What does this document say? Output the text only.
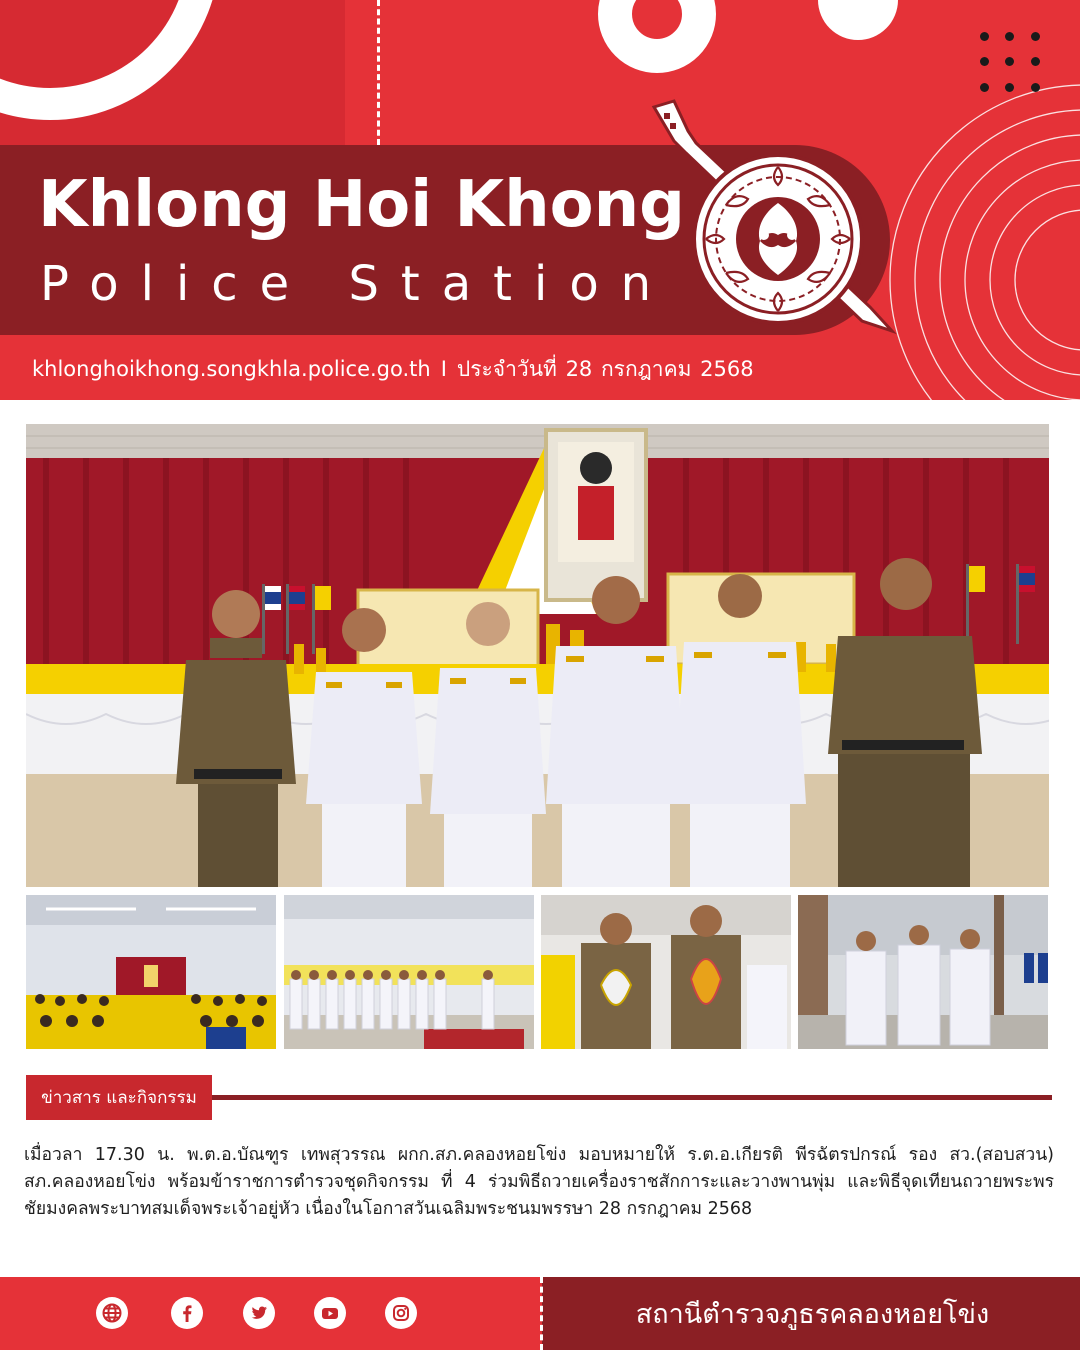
Khlong Hoi Khong
Police Station
khlonghoikhong.songkhla.police.go.th I ประจำวันที่ 28 กรกฎาคม 2568
ข่าวสาร และกิจกรรม
เมื่อวลา 17.30 น. พ.ต.อ.บัณฑูร เทพสุวรรณ ผกก.สภ.คลองหอยโข่ง มอบหมายให้ ร.ต.อ.เกียรติ พีรฉัตรปกรณ์ รอง สว.(สอบสวน) สภ.คลองหอยโข่ง พร้อมข้าราชการตำรวจชุดกิจกรรม ที่ 4 ร่วมพิธีถวายเครื่องราชสักการะและวางพานพุ่ม และพิธีจุดเทียนถวายพระพรชัยมงคลพระบาทสมเด็จพระเจ้าอยู่หัว เนื่องในโอกาสวันเฉลิมพระชนมพรรษา 28 กรกฎาคม 2568
สถานีตำรวจภูธรคลองหอยโข่ง
